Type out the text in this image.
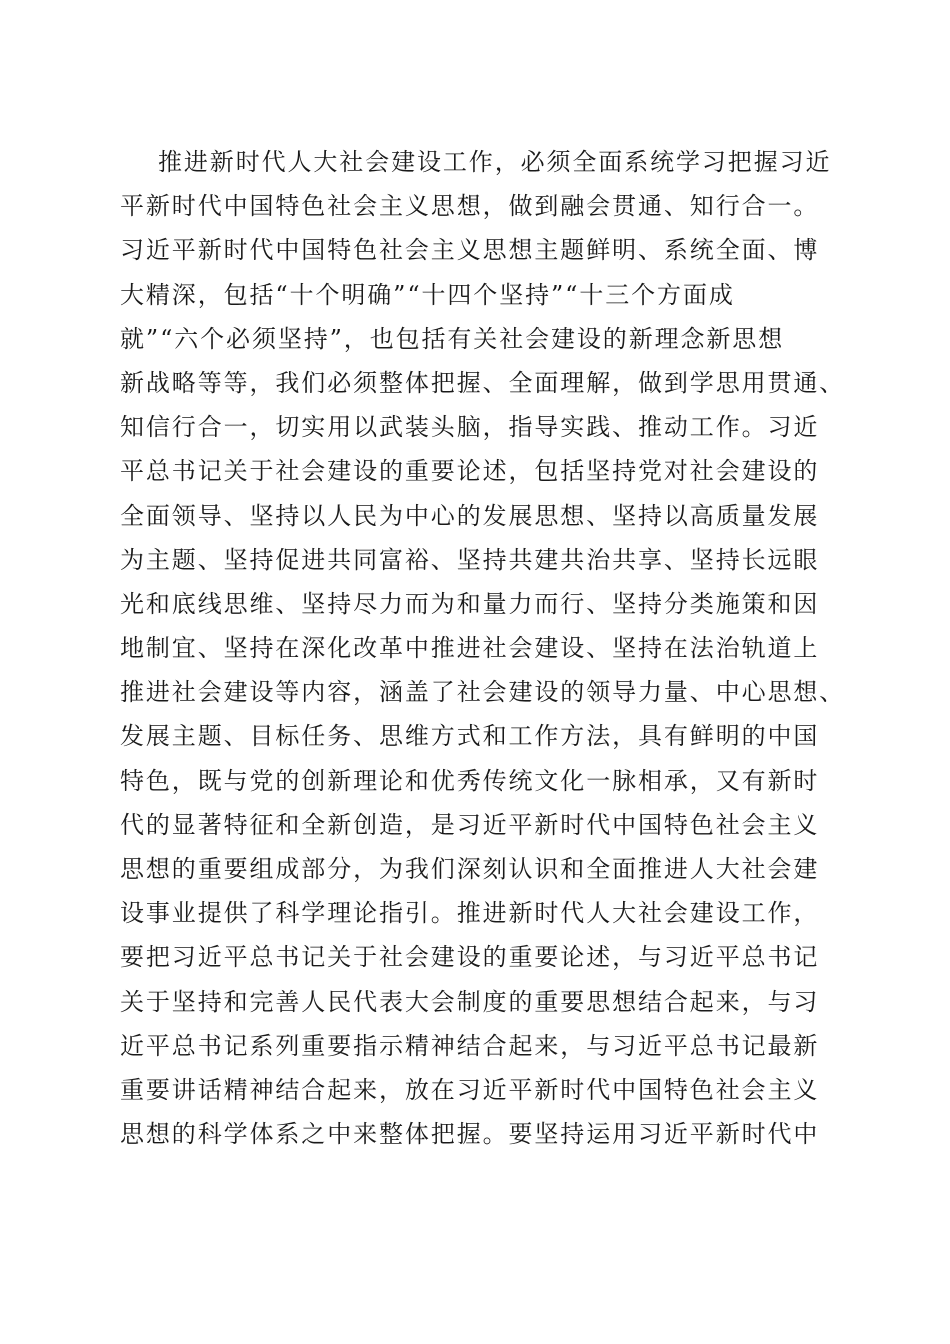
推进新时代人大社会建设工作，必须全面系统学习把握习近
平新时代中国特色社会主义思想，做到融会贯通、知行合一。
习近平新时代中国特色社会主义思想主题鲜明、系统全面、博
大精深，包括“十个明确”“十四个坚持”“十三个方面成
就”“六个必须坚持”，也包括有关社会建设的新理念新思想
新战略等等，我们必须整体把握、全面理解，做到学思用贯通、
知信行合一，切实用以武装头脑，指导实践、推动工作。习近
平总书记关于社会建设的重要论述，包括坚持党对社会建设的
全面领导、坚持以人民为中心的发展思想、坚持以高质量发展
为主题、坚持促进共同富裕、坚持共建共治共享、坚持长远眼
光和底线思维、坚持尽力而为和量力而行、坚持分类施策和因
地制宜、坚持在深化改革中推进社会建设、坚持在法治轨道上
推进社会建设等内容，涵盖了社会建设的领导力量、中心思想、
发展主题、目标任务、思维方式和工作方法，具有鲜明的中国
特色，既与党的创新理论和优秀传统文化一脉相承，又有新时
代的显著特征和全新创造，是习近平新时代中国特色社会主义
思想的重要组成部分，为我们深刻认识和全面推进人大社会建
设事业提供了科学理论指引。推进新时代人大社会建设工作，
要把习近平总书记关于社会建设的重要论述，与习近平总书记
关于坚持和完善人民代表大会制度的重要思想结合起来，与习
近平总书记系列重要指示精神结合起来，与习近平总书记最新
重要讲话精神结合起来，放在习近平新时代中国特色社会主义
思想的科学体系之中来整体把握。要坚持运用习近平新时代中
